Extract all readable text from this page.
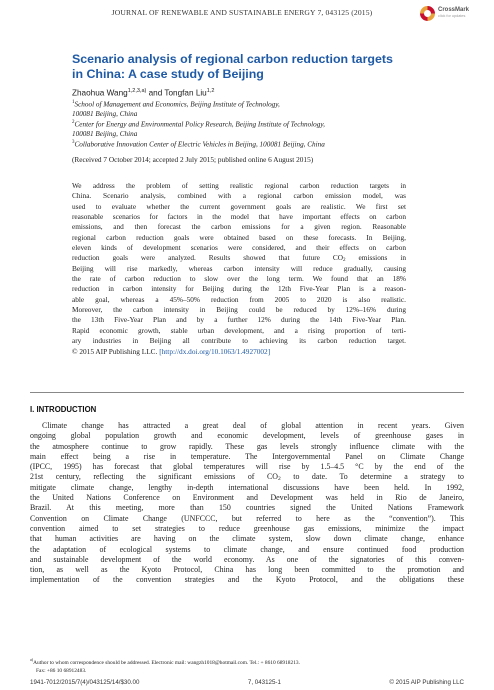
JOURNAL OF RENEWABLE AND SUSTAINABLE ENERGY 7, 043125 (2015)	CrossMark
click for updates
Scenario analysis of regional carbon reduction targets
in China: A case study of Beijing
Zhaohua Wang$^{1,2,3,a)}$ and Tongfan Liu$^{1,2}$
$^1$School of Management and Economics, Beijing Institute of Technology,
100081 Beijing, China
$^2$Center for Energy and Environmental Policy Research, Beijing Institute of Technology,
100081 Beijing, China
$^3$Collaborative Innovation Center of Electric Vehicles in Beijing, 100081 Beijing, China
(Received 7 October 2014; accepted 2 July 2015; published online 6 August 2015)
We address the problem of setting realistic regional carbon reduction targets in
China. Scenario analysis, combined with a regional carbon emission model, was
used to evaluate whether the current government goals are realistic. We first set
reasonable scenarios for factors in the model that have important effects on carbon
emissions, and then forecast the carbon emissions for a given region. Reasonable
regional carbon reduction goals were obtained based on these forecasts. In Beijing,
eleven kinds of development scenarios were considered, and their effects on carbon
reduction goals were analyzed. Results showed that future $CO_2$ emissions in
Beijing will rise markedly, whereas carbon intensity will reduce gradually, causing
the rate of carbon reduction to slow over the long term. We found that an 18%
reduction in carbon intensity for Beijing during the 12th Five-Year Plan is a reason-
able goal, whereas a 45%–50% reduction from 2005 to 2020 is also realistic.
Moreover, the carbon intensity in Beijing could be reduced by 12%–16% during
the 13th Five-Year Plan and by a further 12% during the 14th Five-Year Plan.
Rapid economic growth, stable urban development, and a rising proportion of terti-
ary industries in Beijing all contribute to achieving its carbon reduction target.
© 2015 AIP Publishing LLC. [http://dx.doi.org/10.1063/1.4927002]
I. INTRODUCTION
Climate change has attracted a great deal of global attention in recent years. Given
ongoing global population growth and economic development, levels of greenhouse gases in
the atmosphere continue to grow rapidly. These gas levels strongly influence climate with the
main effect being a rise in temperature. The Intergovernmental Panel on Climate Change
(IPCC, 1995) has forecast that global temperatures will rise by 1.5–4.5 °C by the end of the
21st century, reflecting the significant emissions of $CO_2$ to date. To determine a strategy to
mitigate climate change, lengthy in-depth international discussions have been held. In 1992,
the United Nations Conference on Environment and Development was held in Rio de Janeiro,
Brazil. At this meeting, more than 150 countries signed the United Nations Framework
Convention on Climate Change (UNFCCC, but referred to here as the “convention”). This
convention aimed to set strategies to reduce greenhouse gas emissions, minimize the impact
that human activities are having on the climate system, slow down climate change, enhance
the adaptation of ecological systems to climate change, and ensure continued food production
and sustainable development of the world economy. As one of the signatories of this conven-
tion, as well as the Kyoto Protocol, China has long been committed to the promotion and
implementation of the convention strategies and the Kyoto Protocol, and the obligations these
$^{a)}$Author to whom correspondence should be addressed. Electronic mail: wangzh1018@hotmail.com. Tel.: + 8610 68918213.
Fax: +86 10 68912483.
1941-7012/2015/7(4)/043125/14/$30.00	7, 043125-1	© 2015 AIP Publishing LLC
